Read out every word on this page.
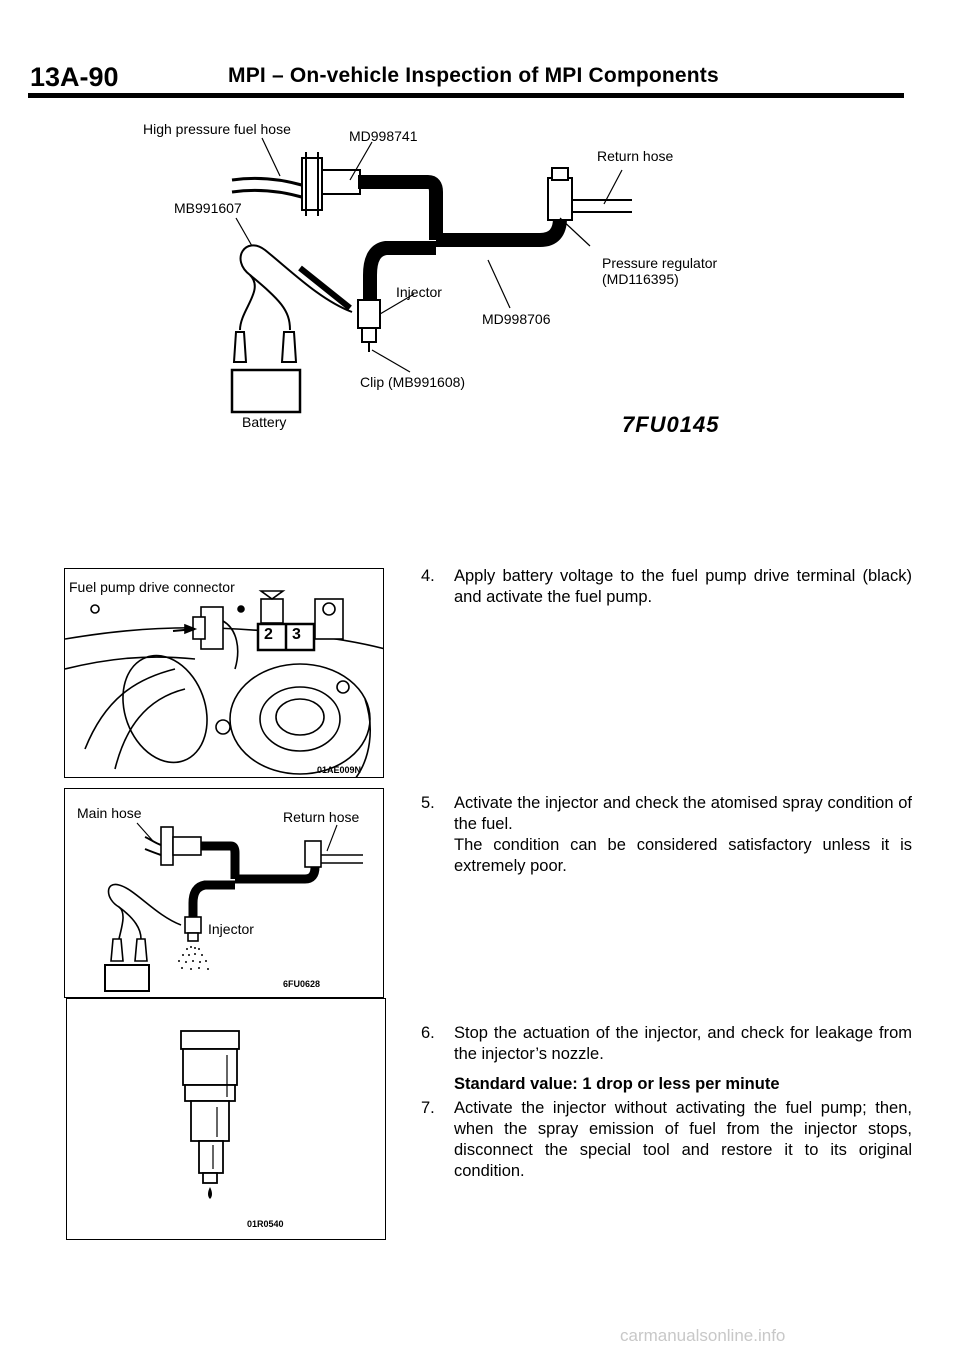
13A-90	MPI – On-vehicle Inspection of MPI Components
High pressure fuel hose	MD998741
Return hose
MB991607
Pressure regulator
(MD116395)
Injector
MD998706
Clip (MB991608)
Battery	7FU0145
Fuel pump drive connector
2 3
01AE009N
Main hose	Return hose
Injector
6FU0628
01R0540
4. Apply battery voltage to the fuel pump drive terminal (black) and activate the fuel pump.

5. Activate the injector and check the atomised spray condition of the fuel.

The condition can be considered satisfactory unless it is extremely poor.

6. Stop the actuation of the injector, and check for leakage from the injector’s nozzle.

Standard value: 1 drop or less per minute

7. Activate the injector without activating the fuel pump; then, when the spray emission of fuel from the injector stops, disconnect the special tool and restore it to its original condition.

carmanualsonline.info
